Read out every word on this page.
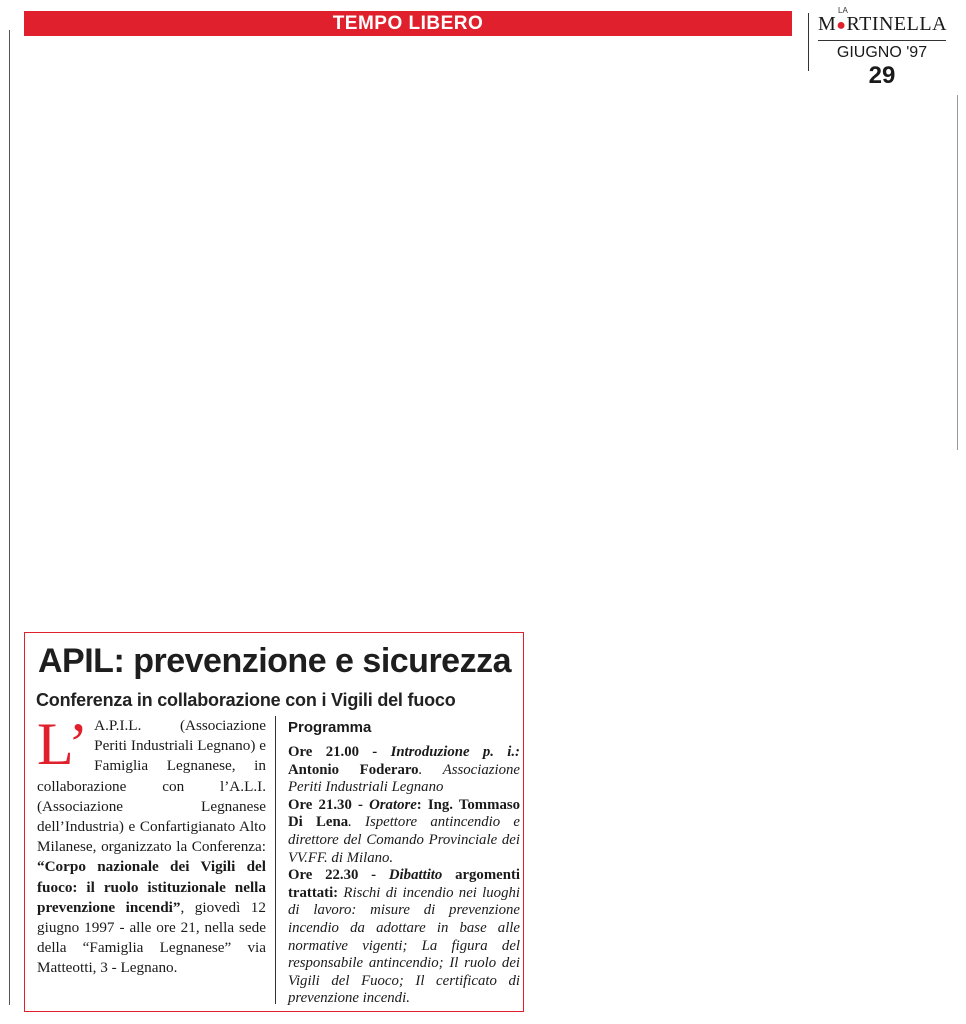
TEMPO LIBERO
LA
M●RTINELLA
GIUGNO '97
29
APIL: prevenzione e sicurezza
Conferenza in collaborazione con i Vigili del fuoco
L’ A.P.I.L. (Associazione Periti Industriali Legnano) e Famiglia Legnanese, in collaborazione con l’A.L.I. (Associazione Legnanese dell’Industria) e Confartigianato Alto Milanese, organizzato la Conferenza: “Corpo nazionale dei Vigili del fuoco: il ruolo istituzionale nella prevenzione incendi”, giovedì 12 giugno 1997 - alle ore 21, nella sede della “Famiglia Legnanese” via Matteotti, 3 - Legnano.
Programma
Ore 21.00 - Introduzione p. i.: Antonio Foderaro. Associazione Periti Industriali Legnano
Ore 21.30 - Oratore: Ing. Tommaso Di Lena. Ispettore antincendio e direttore del Comando Provinciale dei VV.FF. di Milano.
Ore 22.30 - Dibattito argomenti trattati: Rischi di incendio nei luoghi di lavoro: misure di prevenzione incendio da adottare in base alle normative vigenti; La figura del responsabile antincendio; Il ruolo dei Vigili del Fuoco; Il certificato di prevenzione incendi.
